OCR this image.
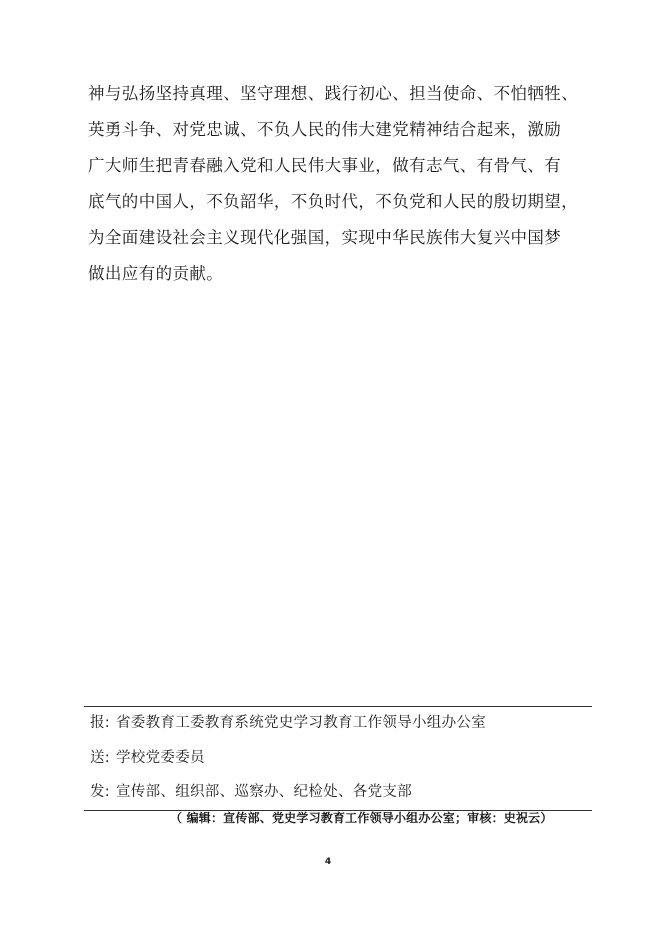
神与弘扬坚持真理、坚守理想、践行初心、担当使命、不怕牺牲、
英勇斗争、对党忠诚、不负人民的伟大建党精神结合起来，激励
广大师生把青春融入党和人民伟大事业，做有志气、有骨气、有
底气的中国人，不负韶华，不负时代，不负党和人民的殷切期望，
为全面建设社会主义现代化强国，实现中华民族伟大复兴中国梦
做出应有的贡献。
报: 省委教育工委教育系统党史学习教育工作领导小组办公室
送: 学校党委委员
发: 宣传部、组织部、巡察办、纪检处、各党支部
（ 编辑：宣传部、党史学习教育工作领导小组办公室；审核：史祝云）
4
